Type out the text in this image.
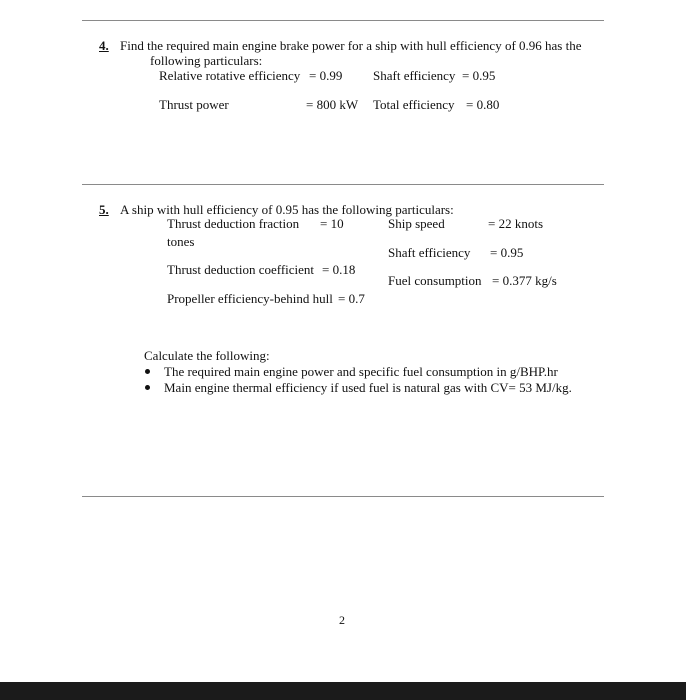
4. Find the required main engine brake power for a ship with hull efficiency of 0.96 has the
following particulars:
Relative rotative efficiency = 0.99 Shaft efficiency = 0.95
Thrust power	= 800 kW Total efficiency = 0.80
5. A ship with hull efficiency of 0.95 has the following particulars:
Thrust deduction fraction = 10
tones
Ship speed	= 22 knots
Shaft efficiency = 0.95
Thrust deduction coefficient = 0.18
Fuel consumption = 0.377 kg/s
Propeller efficiency-behind hull = 0.7
Calculate the following:
The required main engine power and specific fuel consumption in g/BHP.hr
Main engine thermal efficiency if used fuel is natural gas with CV= 53 MJ/kg.
2
